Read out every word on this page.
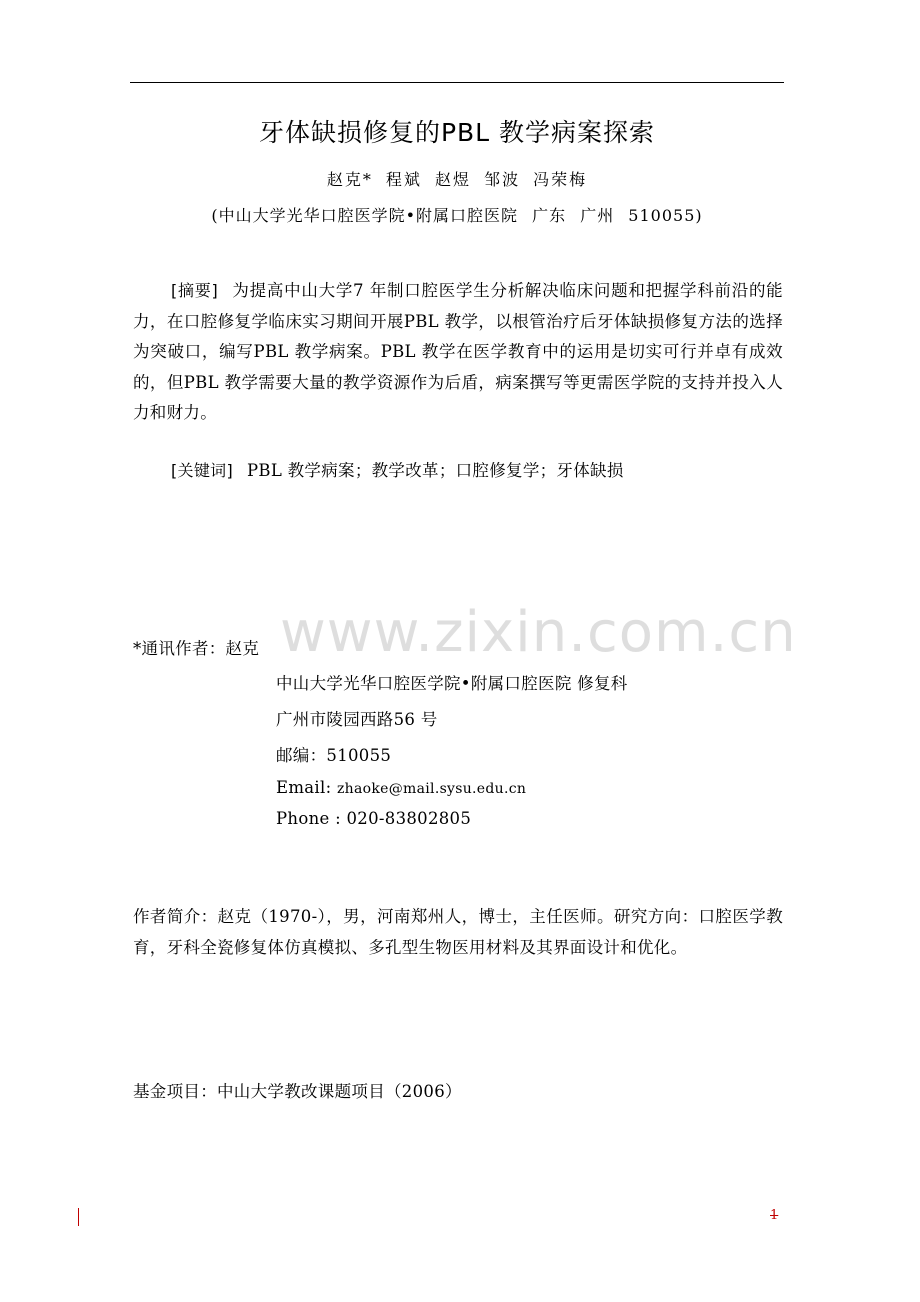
牙体缺损修复的PBL 教学病案探索
赵克* 程斌 赵煜 邹波 冯荣梅
(中山大学光华口腔医学院•附属口腔医院 广东 广州 510055)
[摘要] 为提高中山大学7 年制口腔医学生分析解决临床问题和把握学科前沿的能力，在口腔修复学临床实习期间开展PBL 教学，以根管治疗后牙体缺损修复方法的选择为突破口，编写PBL 教学病案。PBL 教学在医学教育中的运用是切实可行并卓有成效的，但PBL 教学需要大量的教学资源作为后盾，病案撰写等更需医学院的支持并投入人力和财力。
[关键词] PBL 教学病案；教学改革；口腔修复学；牙体缺损
www.zixin.com.cn
*通讯作者：赵克
中山大学光华口腔医学院•附属口腔医院 修复科
广州市陵园西路56 号
邮编：510055
Email: zhaoke@mail.sysu.edu.cn
Phone : 020-83802805
作者简介：赵克（1970-），男，河南郑州人，博士，主任医师。研究方向：口腔医学教育，牙科全瓷修复体仿真模拟、多孔型生物医用材料及其界面设计和优化。
基金项目：中山大学教改课题项目（2006）
1
